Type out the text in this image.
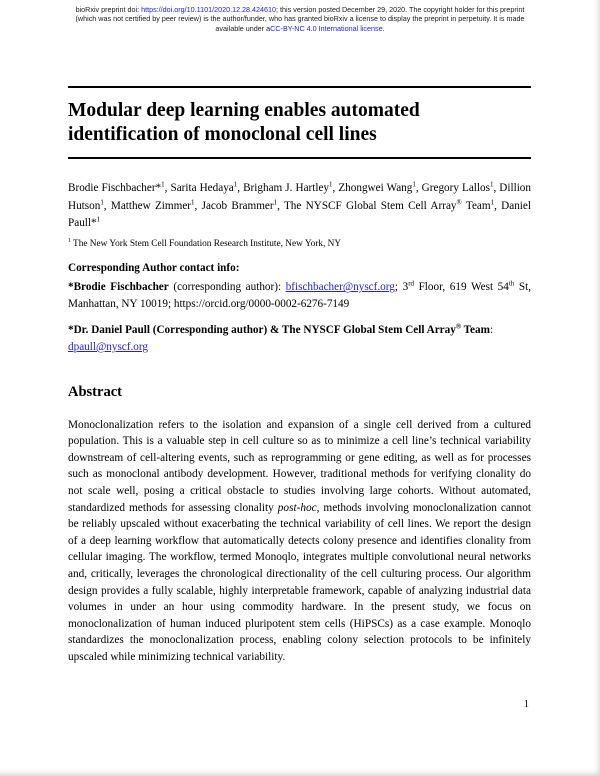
bioRxiv preprint doi: https://doi.org/10.1101/2020.12.28.424610; this version posted December 29, 2020. The copyright holder for this preprint
(which was not certified by peer review) is the author/funder, who has granted bioRxiv a license to display the preprint in perpetuity. It is made
available under aCC-BY-NC 4.0 International license.
Modular deep learning enables automated identification of monoclonal cell lines

Brodie Fischbacher*$^1$, Sarita Hedaya$^1$, Brigham J. Hartley$^1$, Zhongwei Wang$^1$, Gregory Lallos$^1$, Dillion Hutson$^1$, Matthew Zimmer$^1$, Jacob Brammer$^1$, The NYSCF Global Stem Cell Array® Team$^1$, Daniel Paull*$^1$

$^1$ The New York Stem Cell Foundation Research Institute, New York, NY

Corresponding Author contact info:

*Brodie Fischbacher (corresponding author): bfischbacher@nyscf.org; 3rd Floor, 619 West 54th St, Manhattan, NY 10019; https://orcid.org/0000-0002-6276-7149

*Dr. Daniel Paull (Corresponding author) & The NYSCF Global Stem Cell Array® Team:
dpaull@nyscf.org

Abstract

Monoclonalization refers to the isolation and expansion of a single cell derived from a cultured population. This is a valuable step in cell culture so as to minimize a cell line’s technical variability downstream of cell-altering events, such as reprogramming or gene editing, as well as for processes such as monoclonal antibody development. However, traditional methods for verifying clonality do not scale well, posing a critical obstacle to studies involving large cohorts. Without automated, standardized methods for assessing clonality post-hoc, methods involving monoclonalization cannot be reliably upscaled without exacerbating the technical variability of cell lines. We report the design of a deep learning workflow that automatically detects colony presence and identifies clonality from cellular imaging. The workflow, termed Monoqlo, integrates multiple convolutional neural networks and, critically, leverages the chronological directionality of the cell culturing process. Our algorithm design provides a fully scalable, highly interpretable framework, capable of analyzing industrial data volumes in under an hour using commodity hardware. In the present study, we focus on monoclonalization of human induced pluripotent stem cells (HiPSCs) as a case example. Monoqlo standardizes the monoclonalization process, enabling colony selection protocols to be infinitely upscaled while minimizing technical variability.

1
